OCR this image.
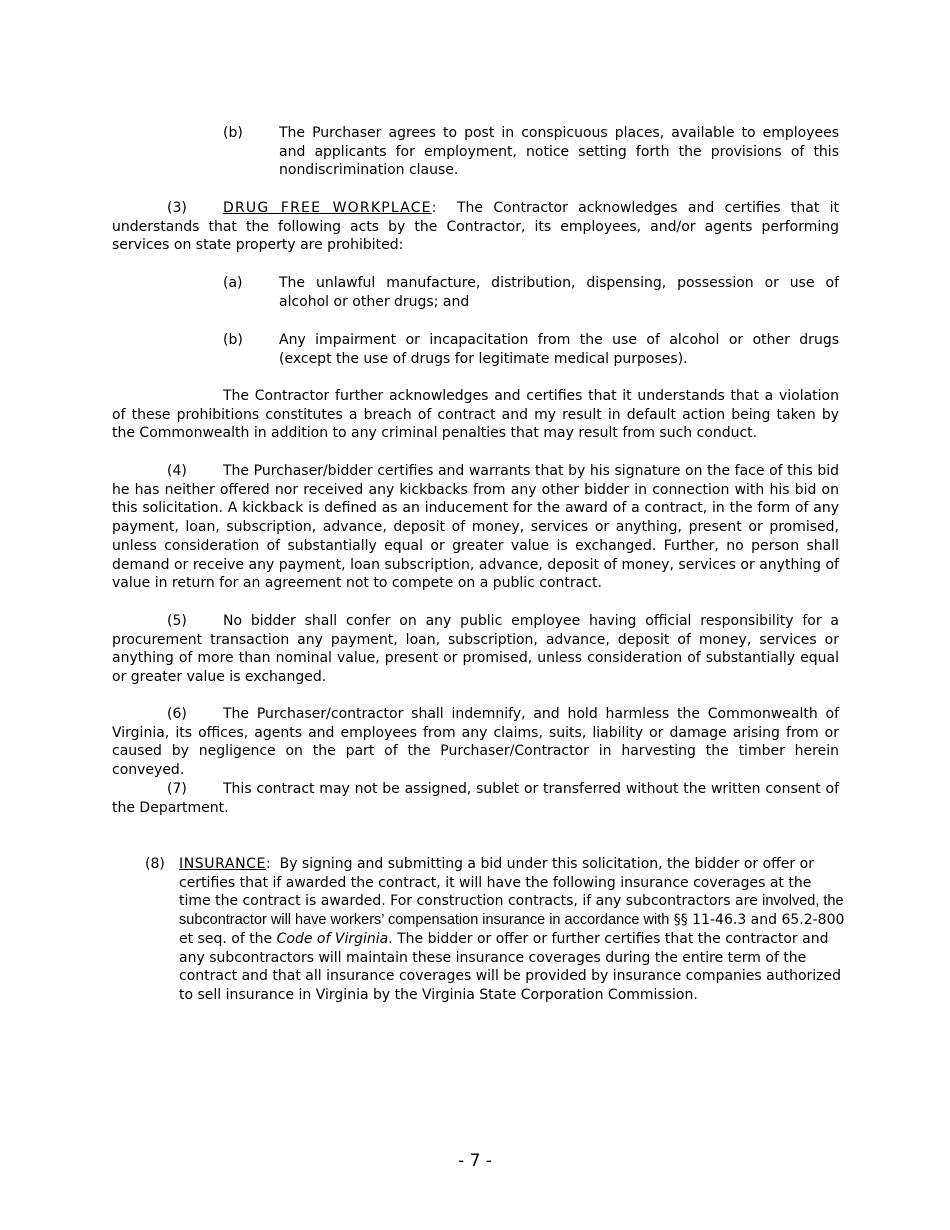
(b)	The Purchaser agrees to post in conspicuous places, available to employees and applicants for employment, notice setting forth the provisions of this nondiscrimination clause.

(3)	DRUG FREE WORKPLACE: The Contractor acknowledges and certifies that it understands that the following acts by the Contractor, its employees, and/or agents performing services on state property are prohibited:

(a)	The unlawful manufacture, distribution, dispensing, possession or use of alcohol or other drugs; and
(b)	Any impairment or incapacitation from the use of alcohol or other drugs (except the use of drugs for legitimate medical purposes).

The Contractor further acknowledges and certifies that it understands that a violation of these prohibitions constitutes a breach of contract and my result in default action being taken by the Commonwealth in addition to any criminal penalties that may result from such conduct.

(4)	The Purchaser/bidder certifies and warrants that by his signature on the face of this bid he has neither offered nor received any kickbacks from any other bidder in connection with his bid on this solicitation. A kickback is defined as an inducement for the award of a contract, in the form of any payment, loan, subscription, advance, deposit of money, services or anything, present or promised, unless consideration of substantially equal or greater value is exchanged. Further, no person shall demand or receive any payment, loan subscription, advance, deposit of money, services or anything of value in return for an agreement not to compete on a public contract.

(5)	No bidder shall confer on any public employee having official responsibility for a procurement transaction any payment, loan, subscription, advance, deposit of money, services or anything of more than nominal value, present or promised, unless consideration of substantially equal or greater value is exchanged.

(6)	The Purchaser/contractor shall indemnify, and hold harmless the Commonwealth of Virginia, its offices, agents and employees from any claims, suits, liability or damage arising from or caused by negligence on the part of the Purchaser/Contractor in harvesting the timber herein conveyed.

(7)	This contract may not be assigned, sublet or transferred without the written consent of the Department.

(8) INSURANCE: By signing and submitting a bid under this solicitation, the bidder or offer or certifies that if awarded the contract, it will have the following insurance coverages at the time the contract is awarded. For construction contracts, if any subcontractors are involved, the subcontractor will have workers’ compensation insurance in accordance with §§ 11-46.3 and 65.2-800 et seq. of the Code of Virginia. The bidder or offer or further certifies that the contractor and any subcontractors will maintain these insurance coverages during the entire term of the contract and that all insurance coverages will be provided by insurance companies authorized to sell insurance in Virginia by the Virginia State Corporation Commission.
- 7 -
